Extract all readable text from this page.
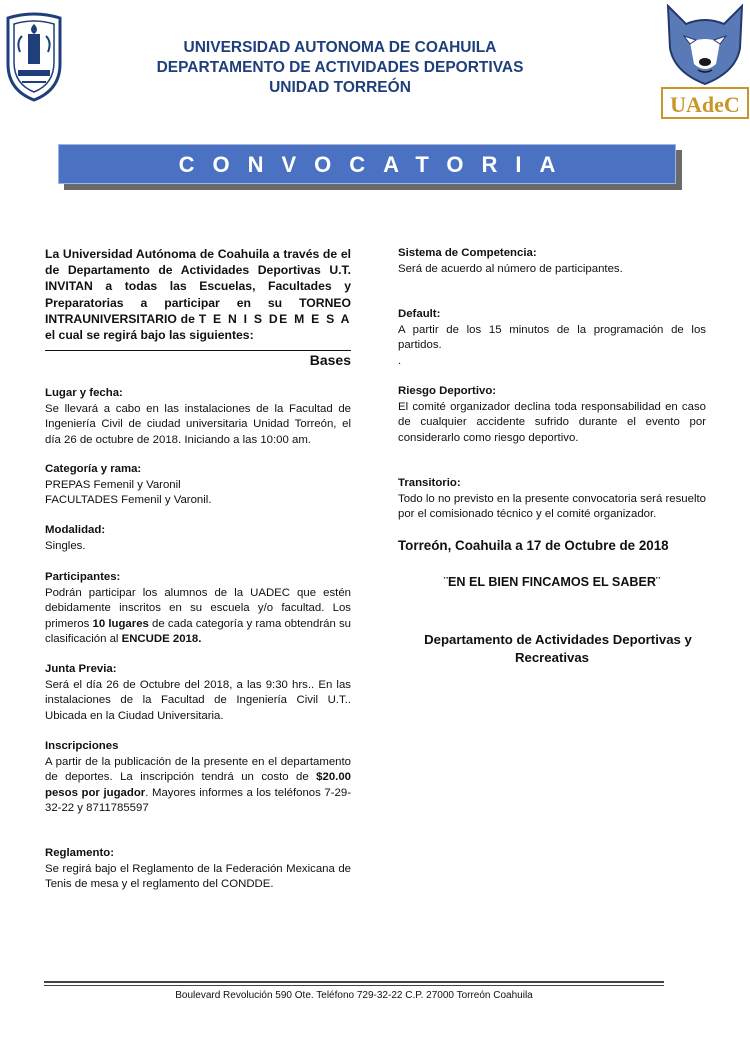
UAdeC
UNIVERSIDAD AUTONOMA DE COAHUILA
DEPARTAMENTO DE ACTIVIDADES DEPORTIVAS
UNIDAD TORREÓN
CONVOCATORIA
La Universidad Autónoma de Coahuila a través de el de Departamento de Actividades Deportivas U.T. INVITAN a todas las Escuelas, Facultades y Preparatorias a participar en su TORNEO INTRAUNIVERSITARIO de T E N I S DE M E S A el cual se regirá bajo las siguientes:
Bases
Lugar y fecha:
Se llevará a cabo en las instalaciones de la Facultad de Ingeniería Civil de ciudad universitaria Unidad Torreón, el día 26 de octubre de 2018. Iniciando a las 10:00 am.
Categoría y rama:
PREPAS Femenil y Varonil
FACULTADES Femenil y Varonil.
Modalidad:
Singles.
Participantes:
Podrán participar los alumnos de la UADEC que estén debidamente inscritos en su escuela y/o facultad. Los primeros 10 lugares de cada categoría y rama obtendrán su clasificación al ENCUDE 2018.
Junta Previa:
Será el día 26 de Octubre del 2018, a las 9:30 hrs.. En las instalaciones de la Facultad de Ingeniería Civil U.T.. Ubicada en la Ciudad Universitaria.
Inscripciones
A partir de la publicación de la presente en el departamento de deportes. La inscripción tendrá un costo de $20.00 pesos por jugador. Mayores informes a los teléfonos 7-29-32-22 y 8711785597
Reglamento:
Se regirá bajo el Reglamento de la Federación Mexicana de Tenis de mesa y el reglamento del CONDDE.
Sistema de Competencia:
Será de acuerdo al número de participantes.
Default:
A partir de los 15 minutos de la programación de los partidos.
.
Riesgo Deportivo:
El comité organizador declina toda responsabilidad en caso de cualquier accidente sufrido durante el evento por considerarlo como riesgo deportivo.
Transitorio:
Todo lo no previsto en la presente convocatoria será resuelto por el comisionado técnico y el comité organizador.
Torreón, Coahuila a 17 de Octubre de 2018
¨EN EL BIEN FINCAMOS EL SABER¨
Departamento de Actividades Deportivas y
Recreativas
Boulevard Revolución 590 Ote. Teléfono 729-32-22 C.P. 27000 Torreón Coahuila
